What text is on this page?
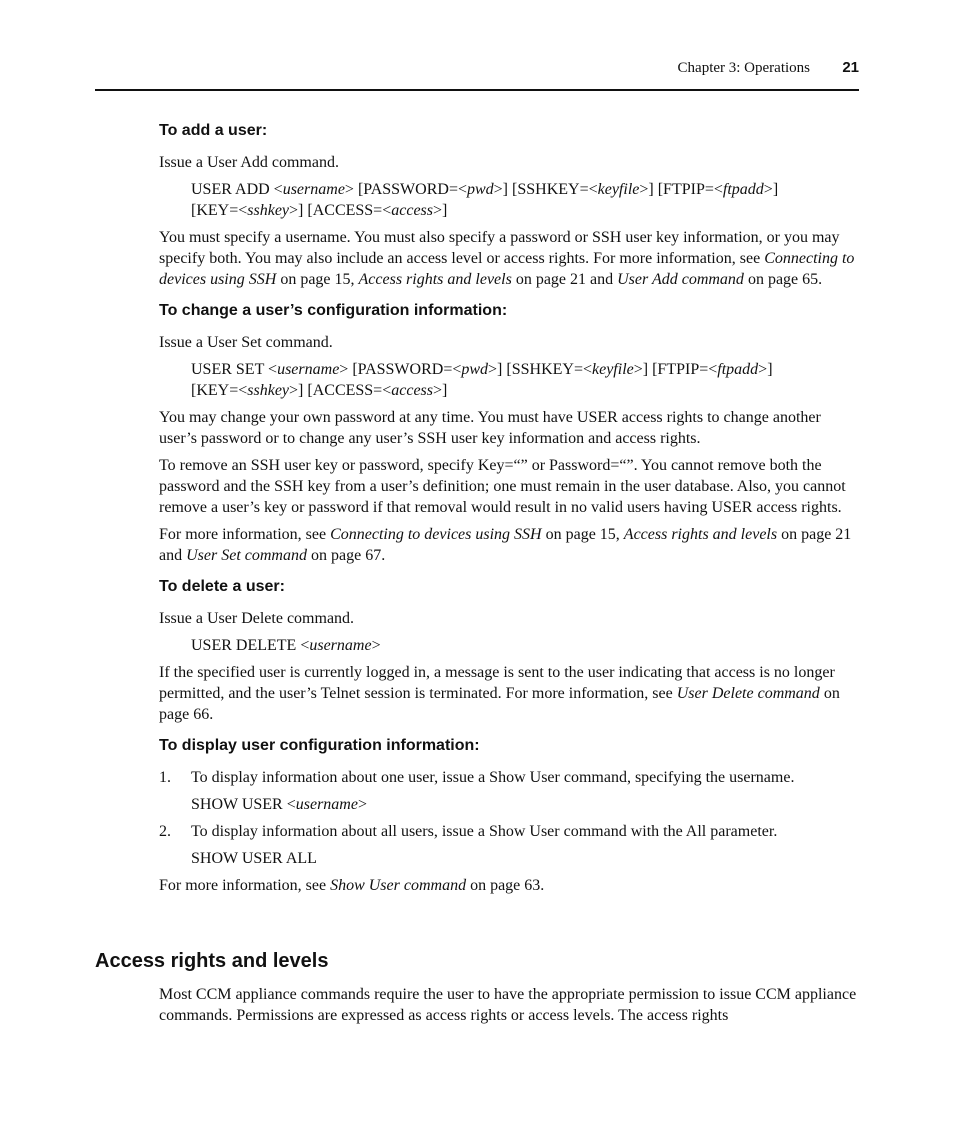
Chapter 3: Operations 21
To add a user:

Issue a User Add command.

USER ADD <username> [PASSWORD=<pwd>] [SSHKEY=<keyfile>] [FTPIP=<ftpadd>]
[KEY=<sshkey>] [ACCESS=<access>]

You must specify a username. You must also specify a password or SSH user key information, or you may specify both. You may also include an access level or access rights. For more information, see Connecting to devices using SSH on page 15, Access rights and levels on page 21 and User Add command on page 65.

To change a user’s configuration information:

Issue a User Set command.

USER SET <username> [PASSWORD=<pwd>] [SSHKEY=<keyfile>] [FTPIP=<ftpadd>]
[KEY=<sshkey>] [ACCESS=<access>]

You may change your own password at any time. You must have USER access rights to change another user’s password or to change any user’s SSH user key information and access rights.

To remove an SSH user key or password, specify Key=“” or Password=“”. You cannot remove both the password and the SSH key from a user’s definition; one must remain in the user database. Also, you cannot remove a user’s key or password if that removal would result in no valid users having USER access rights.

For more information, see Connecting to devices using SSH on page 15, Access rights and levels on page 21 and User Set command on page 67.

To delete a user:

Issue a User Delete command.

USER DELETE <username>

If the specified user is currently logged in, a message is sent to the user indicating that access is no longer permitted, and the user’s Telnet session is terminated. For more information, see User Delete command on page 66.

To display user configuration information:
1. To display information about one user, issue a Show User command, specifying the username.
SHOW USER <username>
2. To display information about all users, issue a Show User command with the All parameter.
SHOW USER ALL

For more information, see Show User command on page 63.

Access rights and levels

Most CCM appliance commands require the user to have the appropriate permission to issue CCM appliance commands. Permissions are expressed as access rights or access levels. The access rights
